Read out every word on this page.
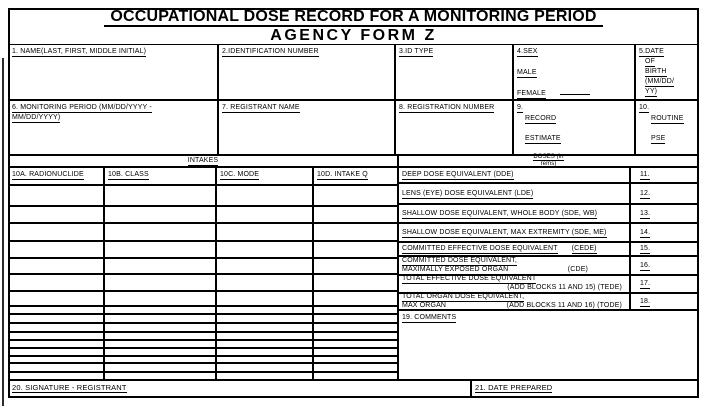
OCCUPATIONAL DOSE RECORD FOR A MONITORING PERIOD
AGENCY FORM Z
1. NAME(LAST, FIRST, MIDDLE INITIAL)	2.IDENTIFICATION NUMBER	3.ID TYPE	4.SEX
MALE
FEMALE
5.DATE
OF
BIRTH
(MM/DD/
YY)
6. MONITORING PERIOD (MM/DD/YYYY -
MM/DD/YYYY)
7. REGISTRANT NAME	8. REGISTRATION NUMBER	9.
RECORD
ESTIMATE
10.
ROUTINE
PSE
INTAKES	DOSES (in
rems)
10A. RADIONUCLIDE	10B. CLASS	10C. MODE	10D. INTAKE Q	DEEP DOSE EQUIVALENT (DDE)	11.
LENS (EYE) DOSE EQUIVALENT (LDE)	12.
SHALLOW DOSE EQUIVALENT, WHOLE BODY (SDE, WB)	13.
SHALLOW DOSE EQUIVALENT, MAX EXTREMITY (SDE, ME)	14.
COMMITTED EFFECTIVE DOSE EQUIVALENT (CEDE)	15.
COMMITTED DOSE EQUIVALENT,
MAXIMALLY EXPOSED ORGAN	(CDE)
16.
TOTAL EFFECTIVE DOSE EQUIVALENT
(ADD BLOCKS 11 AND 15) (TEDE)
17.
TOTAL ORGAN DOSE EQUIVALENT,
MAX ORGAN	(ADD BLOCKS 11 AND 16) (TODE)
18.
19. COMMENTS
20. SIGNATURE - REGISTRANT	21. DATE PREPARED
